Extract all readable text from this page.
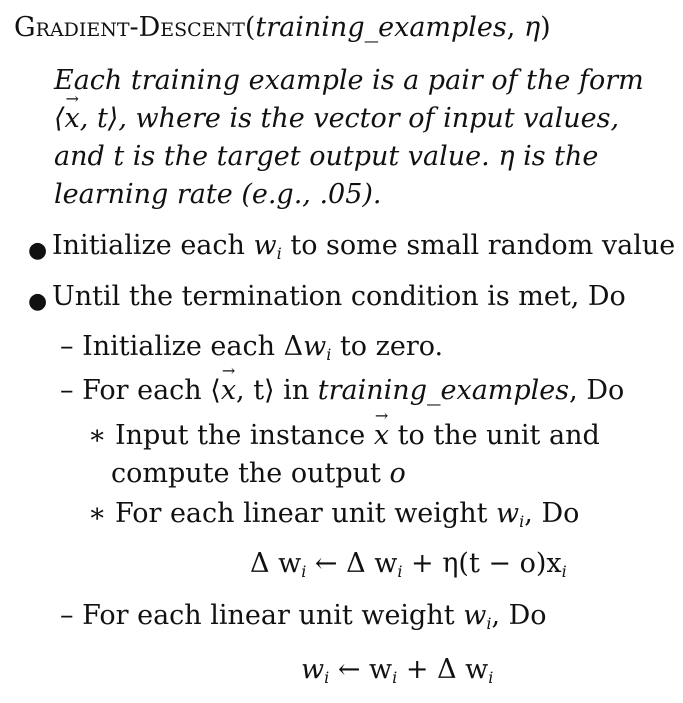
Gradient-Descent(training_examples, η)
Each training example is a pair of the form
⟨→ x, t⟩, where is the vector of input values,
and t is the target output value. η is the
learning rate (e.g., .05).
● Initialize each $w_i$ to some small random value
● Until the termination condition is met, Do
– Initialize each $\Delta w_i$ to zero.
– For each ⟨→ x, t⟩ in training_examples, Do
∗ Input the instance → x to the unit and
compute the output o
∗ For each linear unit weight $w_i$, Do
Δ $w_i$ ← Δ $w_i + \eta(t - o)x_i$
– For each linear unit weight $w_i$, Do
$w_i$ ← $w_i + \Delta$ $w_i$
